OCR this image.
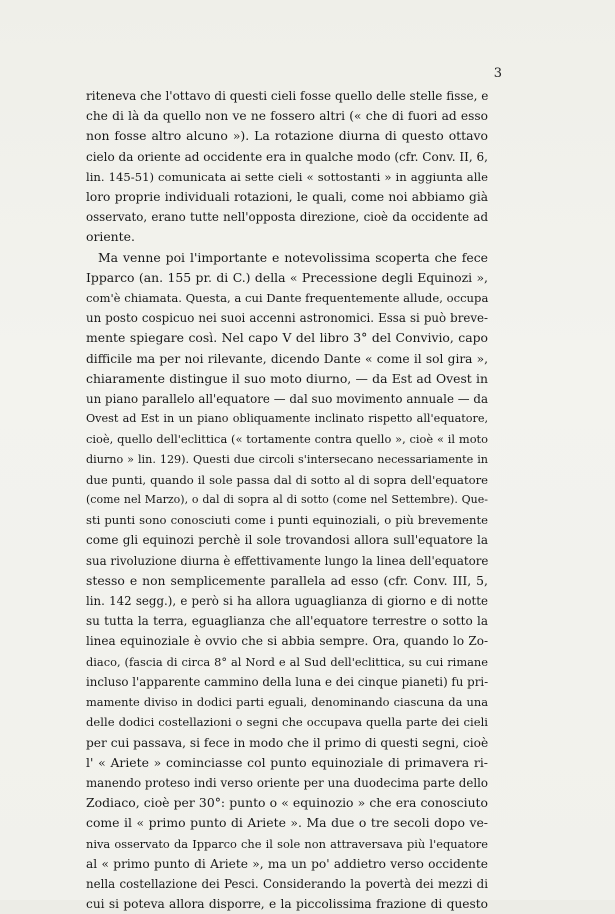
3
riteneva che l'ottavo di questi cieli fosse quello delle stelle fisse, e
che di là da quello non ve ne fossero altri (« che di fuori ad esso
non fosse altro alcuno »). La rotazione diurna di questo ottavo
cielo da oriente ad occidente era in qualche modo (cfr. Conv. II, 6,
lin. 145-51) comunicata ai sette cieli « sottostanti » in aggiunta alle
loro proprie individuali rotazioni, le quali, come noi abbiamo già
osservato, erano tutte nell'opposta direzione, cioè da occidente ad
oriente.
Ma venne poi l'importante e notevolissima scoperta che fece
Ipparco (an. 155 pr. di C.) della « Precessione degli Equinozi »,
com'è chiamata. Questa, a cui Dante frequentemente allude, occupa
un posto cospicuo nei suoi accenni astronomici. Essa si può breve-
mente spiegare così. Nel capo V del libro 3° del Convivio, capo
difficile ma per noi rilevante, dicendo Dante « come il sol gira »,
chiaramente distingue il suo moto diurno, — da Est ad Ovest in
un piano parallelo all'equatore — dal suo movimento annuale — da
Ovest ad Est in un piano obliquamente inclinato rispetto all'equatore,
cioè, quello dell'eclittica (« tortamente contra quello », cioè « il moto
diurno » lin. 129). Questi due circoli s'intersecano necessariamente in
due punti, quando il sole passa dal di sotto al di sopra dell'equatore
(come nel Marzo), o dal di sopra al di sotto (come nel Settembre). Que-
sti punti sono conosciuti come i punti equinoziali, o più brevemente
come gli equinozi perchè il sole trovandosi allora sull'equatore la
sua rivoluzione diurna è effettivamente lungo la linea dell'equatore
stesso e non semplicemente parallela ad esso (cfr. Conv. III, 5,
lin. 142 segg.), e però si ha allora uguaglianza di giorno e di notte
su tutta la terra, eguaglianza che all'equatore terrestre o sotto la
linea equinoziale è ovvio che si abbia sempre. Ora, quando lo Zo-
diaco, (fascia di circa 8° al Nord e al Sud dell'eclittica, su cui rimane
incluso l'apparente cammino della luna e dei cinque pianeti) fu pri-
mamente diviso in dodici parti eguali, denominando ciascuna da una
delle dodici costellazioni o segni che occupava quella parte dei cieli
per cui passava, si fece in modo che il primo di questi segni, cioè
l' « Ariete » cominciasse col punto equinoziale di primavera ri-
manendo proteso indi verso oriente per una duodecima parte dello
Zodiaco, cioè per 30°: punto o « equinozio » che era conosciuto
come il « primo punto di Ariete ». Ma due o tre secoli dopo ve-
niva osservato da Ipparco che il sole non attraversava più l'equatore
al « primo punto di Ariete », ma un po' addietro verso occidente
nella costellazione dei Pesci. Considerando la povertà dei mezzi di
cui si poteva allora disporre, e la piccolissima frazione di questo
